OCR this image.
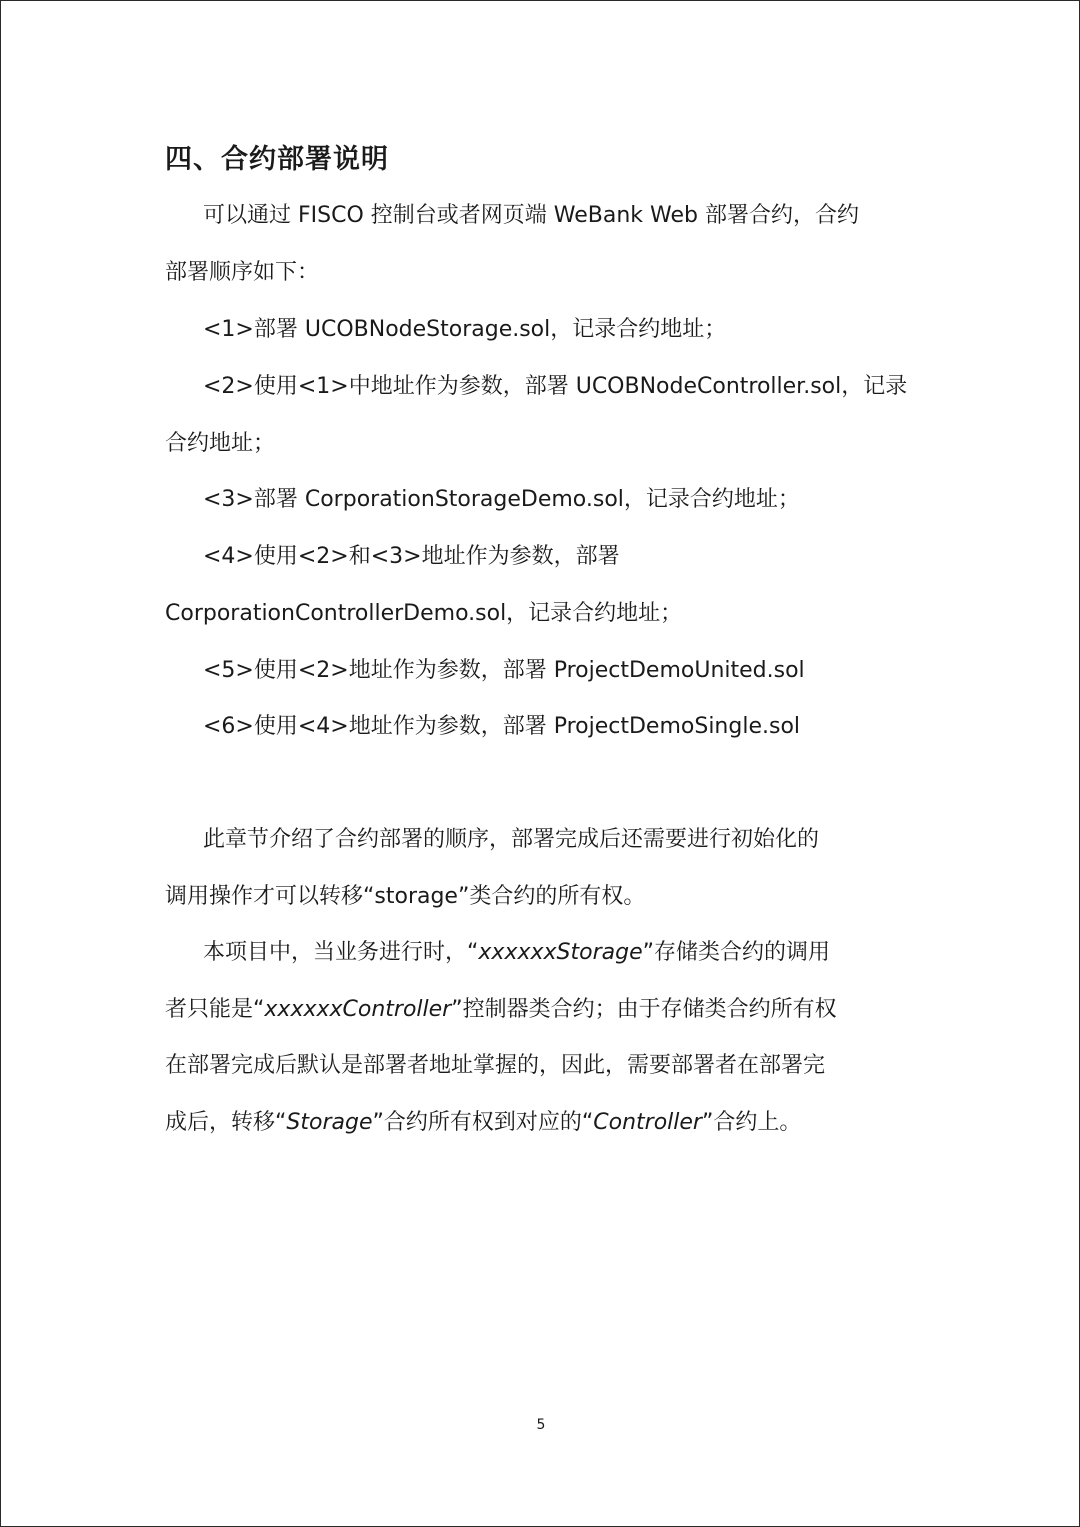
四、合约部署说明
可以通过 FISCO 控制台或者网页端 WeBank Web 部署合约，合约
部署顺序如下：
<1>部署 UCOBNodeStorage.sol，记录合约地址；
<2>使用<1>中地址作为参数，部署 UCOBNodeController.sol，记录
合约地址；
<3>部署 CorporationStorageDemo.sol，记录合约地址；
<4>使用<2>和<3>地址作为参数，部署
CorporationControllerDemo.sol，记录合约地址；
<5>使用<2>地址作为参数，部署 ProjectDemoUnited.sol
<6>使用<4>地址作为参数，部署 ProjectDemoSingle.sol
此章节介绍了合约部署的顺序，部署完成后还需要进行初始化的
调用操作才可以转移“storage”类合约的所有权。
本项目中，当业务进行时，“xxxxxxStorage”存储类合约的调用
者只能是“xxxxxxController”控制器类合约；由于存储类合约所有权
在部署完成后默认是部署者地址掌握的，因此，需要部署者在部署完
成后，转移“Storage”合约所有权到对应的“Controller”合约上。
5
